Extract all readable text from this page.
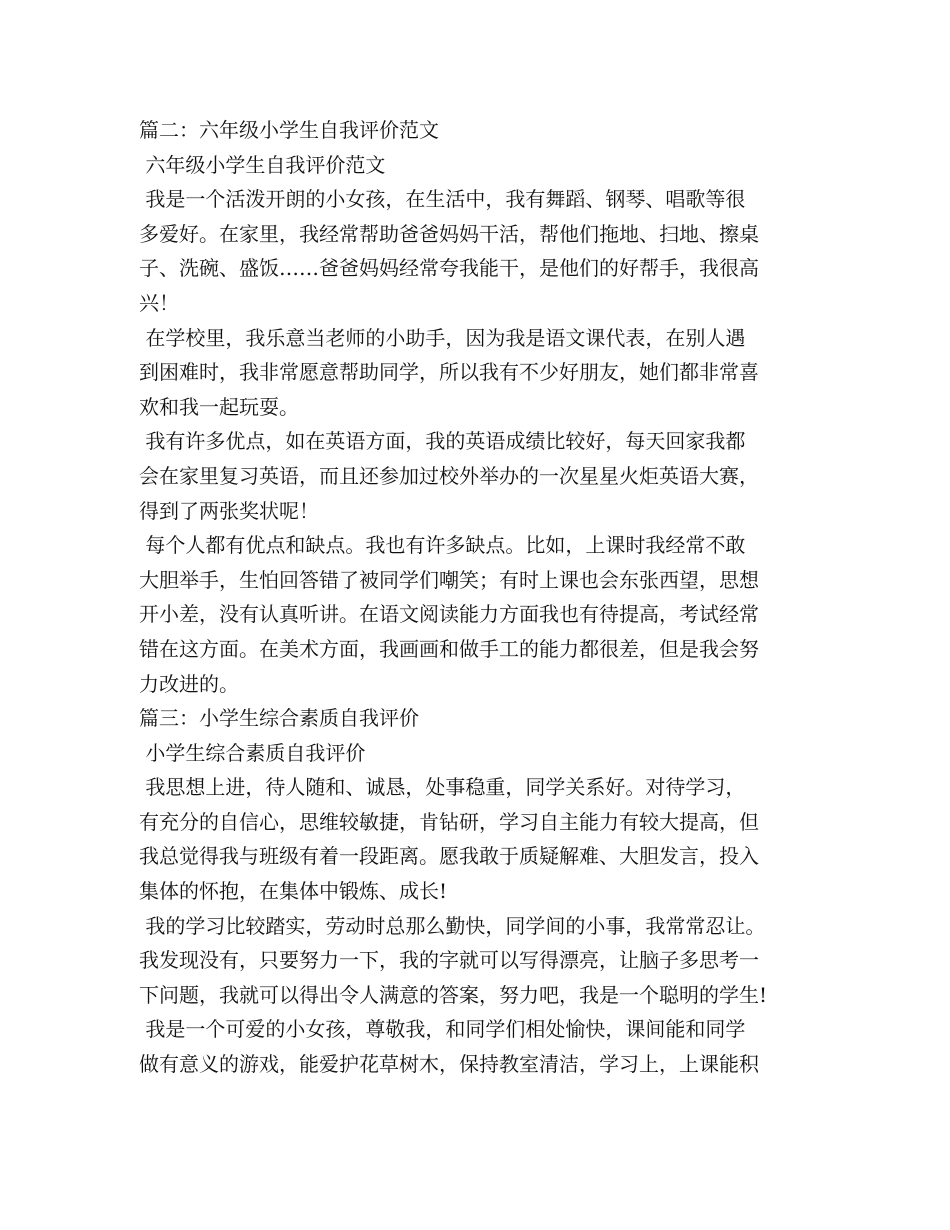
篇二：六年级小学生自我评价范文
六年级小学生自我评价范文
我是一个活泼开朗的小女孩，在生活中，我有舞蹈、钢琴、唱歌等很
多爱好。在家里，我经常帮助爸爸妈妈干活，帮他们拖地、扫地、擦桌
子、洗碗、盛饭……爸爸妈妈经常夸我能干，是他们的好帮手，我很高
兴！
在学校里，我乐意当老师的小助手，因为我是语文课代表，在别人遇
到困难时，我非常愿意帮助同学，所以我有不少好朋友，她们都非常喜
欢和我一起玩耍。
我有许多优点，如在英语方面，我的英语成绩比较好，每天回家我都
会在家里复习英语，而且还参加过校外举办的一次星星火炬英语大赛，
得到了两张奖状呢！
每个人都有优点和缺点。我也有许多缺点。比如，上课时我经常不敢
大胆举手，生怕回答错了被同学们嘲笑；有时上课也会东张西望，思想
开小差，没有认真听讲。在语文阅读能力方面我也有待提高，考试经常
错在这方面。在美术方面，我画画和做手工的能力都很差，但是我会努
力改进的。
篇三：小学生综合素质自我评价
小学生综合素质自我评价
我思想上进，待人随和、诚恳，处事稳重，同学关系好。对待学习，
有充分的自信心，思维较敏捷，肯钻研，学习自主能力有较大提高，但
我总觉得我与班级有着一段距离。愿我敢于质疑解难、大胆发言，投入
集体的怀抱，在集体中锻炼、成长!
我的学习比较踏实，劳动时总那么勤快，同学间的小事，我常常忍让。
我发现没有，只要努力一下，我的字就可以写得漂亮，让脑子多思考一
下问题，我就可以得出令人满意的答案，努力吧，我是一个聪明的学生!
我是一个可爱的小女孩，尊敬我，和同学们相处愉快，课间能和同学
做有意义的游戏，能爱护花草树木，保持教室清洁，学习上，上课能积
